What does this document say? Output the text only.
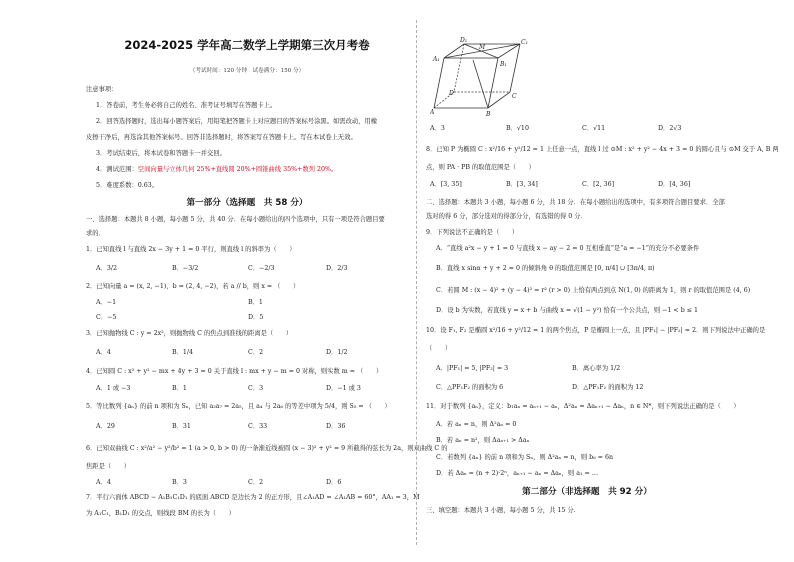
2024-2025 学年高二数学上学期第三次月考卷
（考试时间：120 分钟　试卷满分：150 分）
注意事项：
1．答卷前，考生务必将自己的姓名、准考证号填写在答题卡上。
2．回答选择题时，选出每小题答案后，用铅笔把答题卡上对应题目的答案标号涂黑。如需改动，用橡
皮擦干净后，再选涂其他答案标号。回答非选择题时，将答案写在答题卡上。写在本试卷上无效。
3．考试结束后，将本试卷和答题卡一并交回。
4．测试范围：空间向量与立体几何 25%+直线圆 20%+圆锥曲线 35%+数列 20%。
5．难度系数：0.63。
第一部分（选择题　共 58 分）
一、选择题：本题共 8 小题，每小题 5 分，共 40 分．在每小题给出的四个选项中，只有一项是符合题目要
求的．
1．已知直线 l 与直线 2x − 3y + 1 = 0 平行，则直线 l 的斜率为（　　）
A．3/2	B．−3/2	C．−2/3	D．2/3
2．已知向量 a = (x, 2, −1)，b = (2, 4, −2)，若 a // b，则 x = （　　）
A．−1	B．1
C．−5	D．5
3．已知抛物线 C : y = 2x²，则抛物线 C 的焦点到准线的距离是（　　）
A．4	B．1/4	C．2	D．1/2
4．已知圆 C : x² + y² − mx + 4y + 3 = 0 关于直线 l : mx + y − m = 0 对称，则实数 m = （　　）
A．1 或 −3	B．1	C．3	D．−1 或 3
5．等比数列 {aₙ} 的前 n 项和为 Sₙ，已知 a₃a₇ = 2a₅，且 a₄ 与 2a₆ 的等差中项为 5/4，则 S₅ = （　　）
A．29	B．31	C．33	D．36
6．已知双曲线 C : x²/a² − y²/b² = 1 (a > 0, b > 0) 的一条渐近线被圆 (x − 3)² + y² = 9 所截得的弦长为 2a，则双曲线 C 的
焦距是（　　）
A．4	B．3	C．2	D．6
7．平行六面体 ABCD − A₁B₁C₁D₁ 的底面 ABCD 是边长为 2 的正方形，且∠A₁AD = ∠A₁AB = 60°，AA₁ = 3，M
为 A₁C₁，B₁D₁ 的交点，则线段 BM 的长为（　　）
D₁
M
C₁
A₁
B₁
D	C
A	B
A．3	B．√10	C．√11	D．2√3
8．已知 P 为椭圆 C : x²/16 + y²/12 = 1 上任意一点，直线 l 过 ⊙M : x² + y² − 4x + 3 = 0 的圆心且与 ⊙M 交于 A, B 两
点，则 PA · PB 的取值范围是（　　）
A．[3, 35]	B．[3, 34]	C．[2, 36]	D．[4, 36]
二、选择题：本题共 3 小题，每小题 6 分，共 18 分．在每小题给出的选项中，有多项符合题目要求．全部
选对的得 6 分，部分选对的得部分分，有选错的得 0 分．
9．下列说法不正确的是（　　）
A．“直线 a²x − y + 1 = 0 与直线 x − ay − 2 = 0 互相垂直”是“a = −1”的充分不必要条件
B．直线 x sinα + y + 2 = 0 的倾斜角 θ 的取值范围是 [0, π/4] ∪ [3π/4, π)
C．若圆 M : (x − 4)² + (y − 4)² = r² (r > 0) 上恰有两点到点 N(1, 0) 的距离为 1，则 r 的取值范围是 (4, 6)
D．设 b 为实数，若直线 y = x + b 与曲线 x = √(1 − y²) 恰有一个公共点，则 −1 < b ≤ 1
10．设 F₁, F₂ 是椭圆 x²/16 + y²/12 = 1 的两个焦点，P 是椭圆上一点，且 |PF₁| − |PF₂| = 2．则下列说法中正确的是
（　　）
A．|PF₁| = 5, |PF₂| = 3	B．离心率为 1/2
C．△PF₁F₂ 的面积为 6	D．△PF₁F₂ 的面积为 12
11．对于数列 {aₙ}，定义：b₁aₙ = aₙ₊₁ − aₙ，Δ²aₙ = Δaₙ₊₁ − Δaₙ，n ∈ N*，则下列说法正确的是（　　）
A．若 aₙ = n，则 Δ²aₙ = 0
B．若 aₙ = n²，则 Δaₙ₊₁ > Δaₙ
C．若数列 {aₙ} 的前 n 项和为 Sₙ，则 Δ²aₙ = n，则 b₆ = 6n
D．若 Δaₙ = (n + 2)·2ⁿ，aₙ₊₁ − aₙ = Δaₙ，则 a₁ = …
第二部分（非选择题　共 92 分）
三、填空题：本题共 3 小题，每小题 5 分，共 15 分.
